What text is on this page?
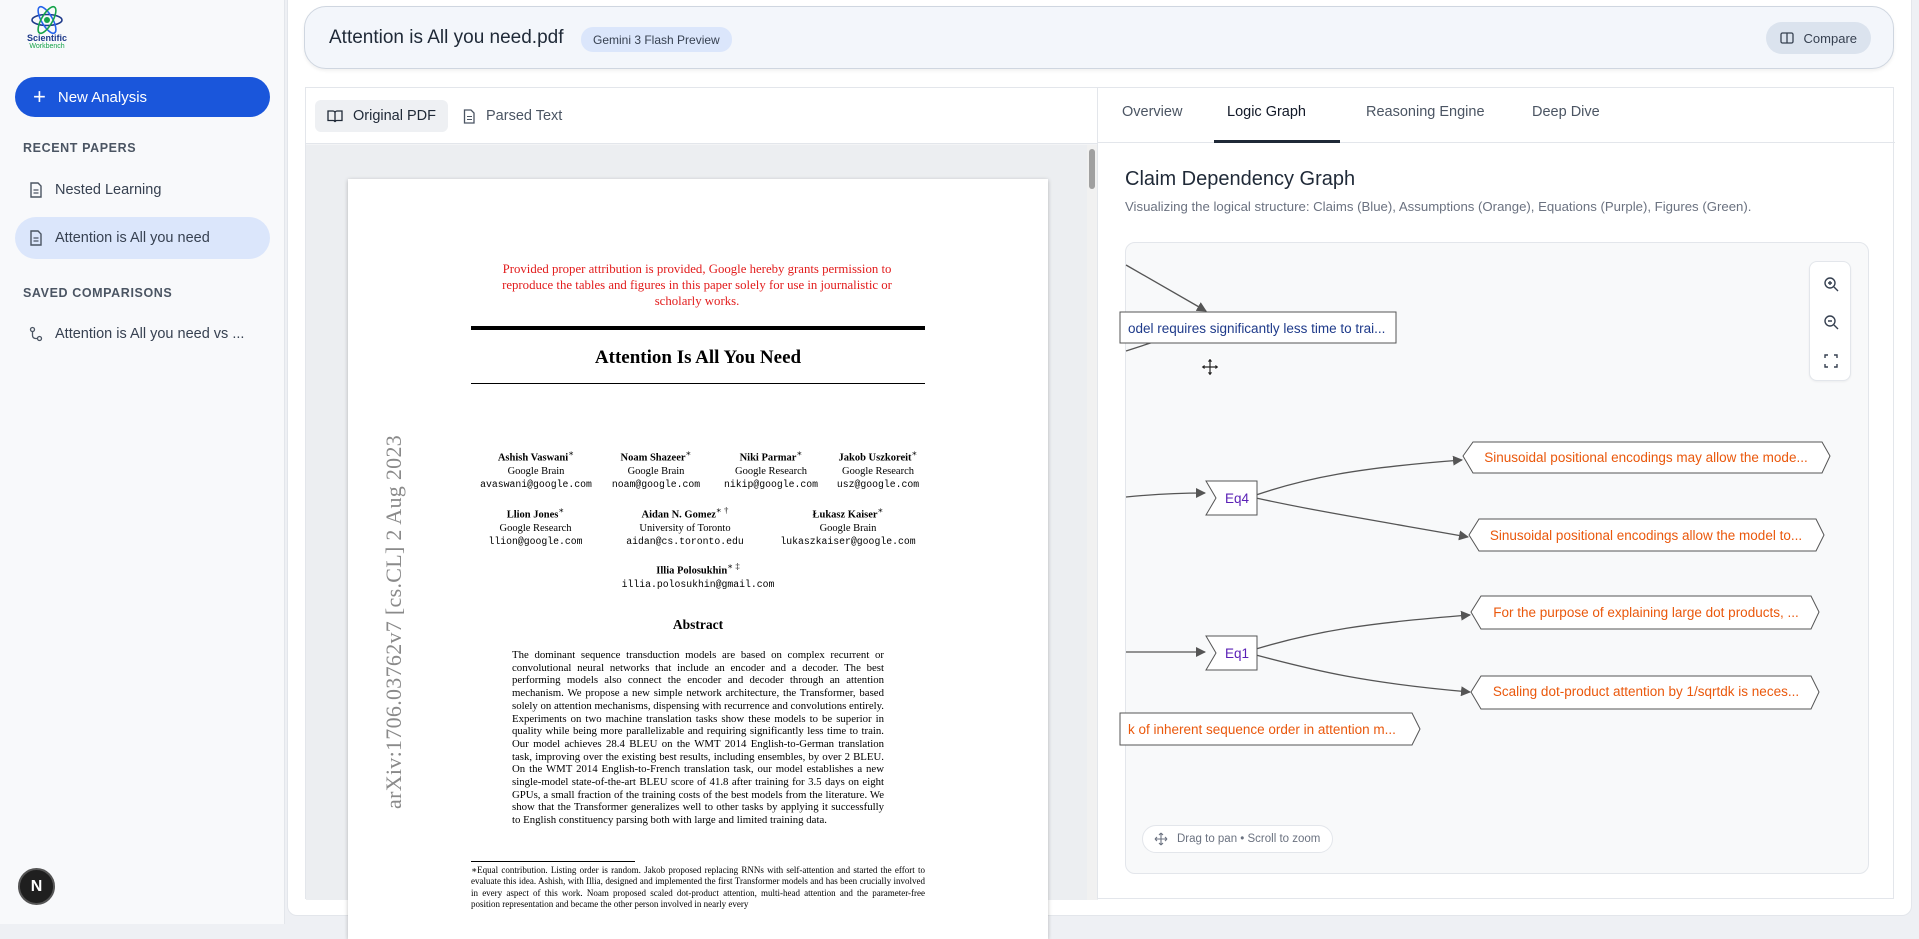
Scientific
Workbench
+ New Analysis
RECENT PAPERS
Nested Learning
Attention is All you need
SAVED COMPARISONS
Attention is All you need vs ...
N
Attention is All you need.pdf	Gemini 3 Flash Preview	Compare
Original PDF	Parsed Text
Provided proper attribution is provided, Google hereby grants permission to reproduce the tables and figures in this paper solely for use in journalistic or scholarly works.
Attention Is All You Need
arXiv:1706.03762v7 [cs.CL] 2 Aug 2023	Ashish Vaswani∗
Google Brain
avaswani@google.com
Noam Shazeer∗
Google Brain
noam@google.com
Niki Parmar∗
Google Research
nikip@google.com
Jakob Uszkoreit∗
Google Research
usz@google.com
Llion Jones∗
Google Research
llion@google.com
Aidan N. Gomez∗ †
University of Toronto
aidan@cs.toronto.edu
Łukasz Kaiser∗
Google Brain
lukaszkaiser@google.com
Illia Polosukhin∗ ‡
illia.polosukhin@gmail.com
Abstract
The dominant sequence transduction models are based on complex recurrent or convolutional neural networks that include an encoder and a decoder. The best performing models also connect the encoder and decoder through an attention mechanism. We propose a new simple network architecture, the Transformer, based solely on attention mechanisms, dispensing with recurrence and convolutions entirely. Experiments on two machine translation tasks show these models to be superior in quality while being more parallelizable and requiring significantly less time to train. Our model achieves 28.4 BLEU on the WMT 2014 English-to-German translation task, improving over the existing best results, including ensembles, by over 2 BLEU. On the WMT 2014 English-to-French translation task, our model establishes a new single-model state-of-the-art BLEU score of 41.8 after training for 3.5 days on eight GPUs, a small fraction of the training costs of the best models from the literature. We show that the Transformer generalizes well to other tasks by applying it successfully to English constituency parsing both with large and limited training data.
∗Equal contribution. Listing order is random. Jakob proposed replacing RNNs with self-attention and started the effort to evaluate this idea. Ashish, with Illia, designed and implemented the first Transformer models and has been crucially involved in every aspect of this work. Noam proposed scaled dot-product attention, multi-head attention and the parameter-free position representation and became the other person involved in nearly every
Overview	Logic Graph	Reasoning Engine	Deep Dive
Claim Dependency Graph
Visualizing the logical structure: Claims (Blue), Assumptions (Orange), Equations (Purple), Figures (Green).
odel requires significantly less time to trai...
Eq4
Eq1
Sinusoidal positional encodings may allow the mode...
Sinusoidal positional encodings allow the model to...
For the purpose of explaining large dot products, ...
Scaling dot-product attention by 1/sqrtdk is neces...
k of inherent sequence order in attention m...
Drag to pan • Scroll to zoom
